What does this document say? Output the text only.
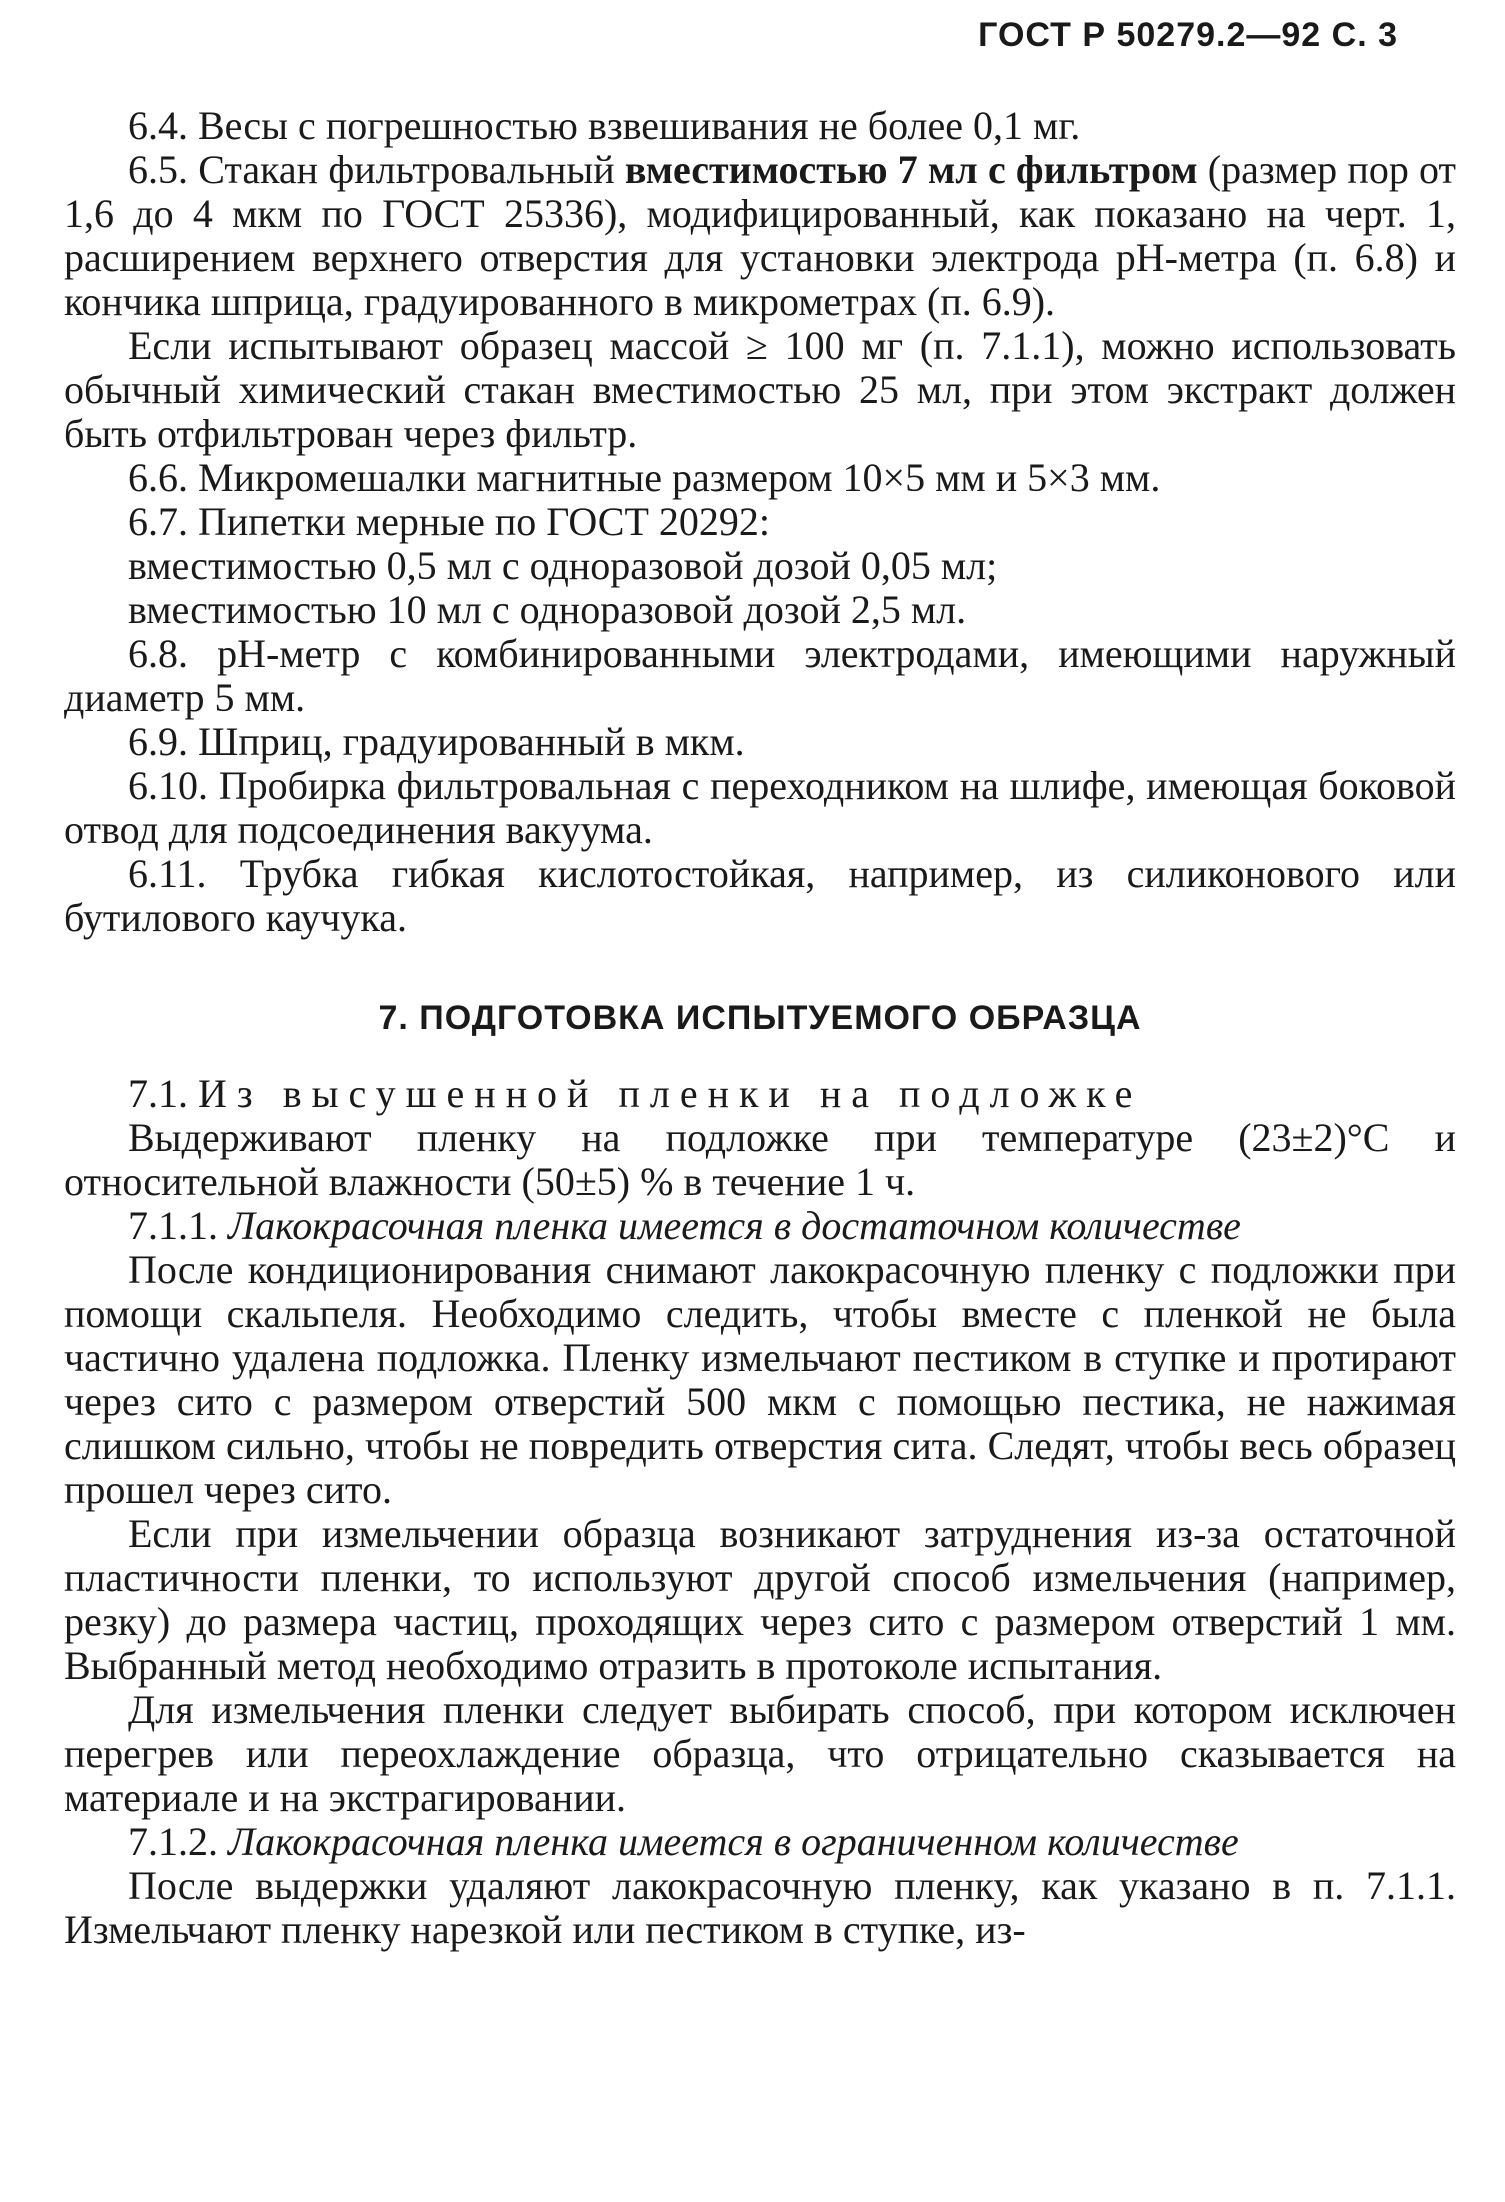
ГОСТ Р 50279.2—92 С. 3

6.4. Весы с погрешностью взвешивания не более 0,1 мг.

6.5. Стакан фильтровальный вместимостью 7 мл с фильтром (размер пор от 1,6 до 4 мкм по ГОСТ 25336), модифицированный, как показано на черт. 1, расширением верхнего отверстия для установки электрода рН-метра (п. 6.8) и кончика шприца, градуированного в микрометрах (п. 6.9).

Если испытывают образец массой ≥ 100 мг (п. 7.1.1), можно использовать обычный химический стакан вместимостью 25 мл, при этом экстракт должен быть отфильтрован через фильтр.

6.6. Микромешалки магнитные размером 10×5 мм и 5×3 мм.

6.7. Пипетки мерные по ГОСТ 20292:

вместимостью 0,5 мл с одноразовой дозой 0,05 мл;

вместимостью 10 мл с одноразовой дозой 2,5 мл.

6.8. рН-метр с комбинированными электродами, имеющими наружный диаметр 5 мм.

6.9. Шприц, градуированный в мкм.

6.10. Пробирка фильтровальная с переходником на шлифе, имеющая боковой отвод для подсоединения вакуума.

6.11. Трубка гибкая кислотостойкая, например, из силиконового или бутилового каучука.

7. ПОДГОТОВКА ИСПЫТУЕМОГО ОБРАЗЦА

7.1. Из высушенной пленки на подложке

Выдерживают пленку на подложке при температуре (23±2)°С и относительной влажности (50±5) % в течение 1 ч.

7.1.1. Лакокрасочная пленка имеется в достаточном количестве

После кондиционирования снимают лакокрасочную пленку с подложки при помощи скальпеля. Необходимо следить, чтобы вместе с пленкой не была частично удалена подложка. Пленку измельчают пестиком в ступке и протирают через сито с размером отверстий 500 мкм с помощью пестика, не нажимая слишком сильно, чтобы не повредить отверстия сита. Следят, чтобы весь образец прошел через сито.

Если при измельчении образца возникают затруднения из-за остаточной пластичности пленки, то используют другой способ измельчения (например, резку) до размера частиц, проходящих через сито с размером отверстий 1 мм. Выбранный метод необходимо отразить в протоколе испытания.

Для измельчения пленки следует выбирать способ, при котором исключен перегрев или переохлаждение образца, что отрицательно сказывается на материале и на экстрагировании.

7.1.2. Лакокрасочная пленка имеется в ограниченном количестве

После выдержки удаляют лакокрасочную пленку, как указано в п. 7.1.1. Измельчают пленку нарезкой или пестиком в ступке, из-
